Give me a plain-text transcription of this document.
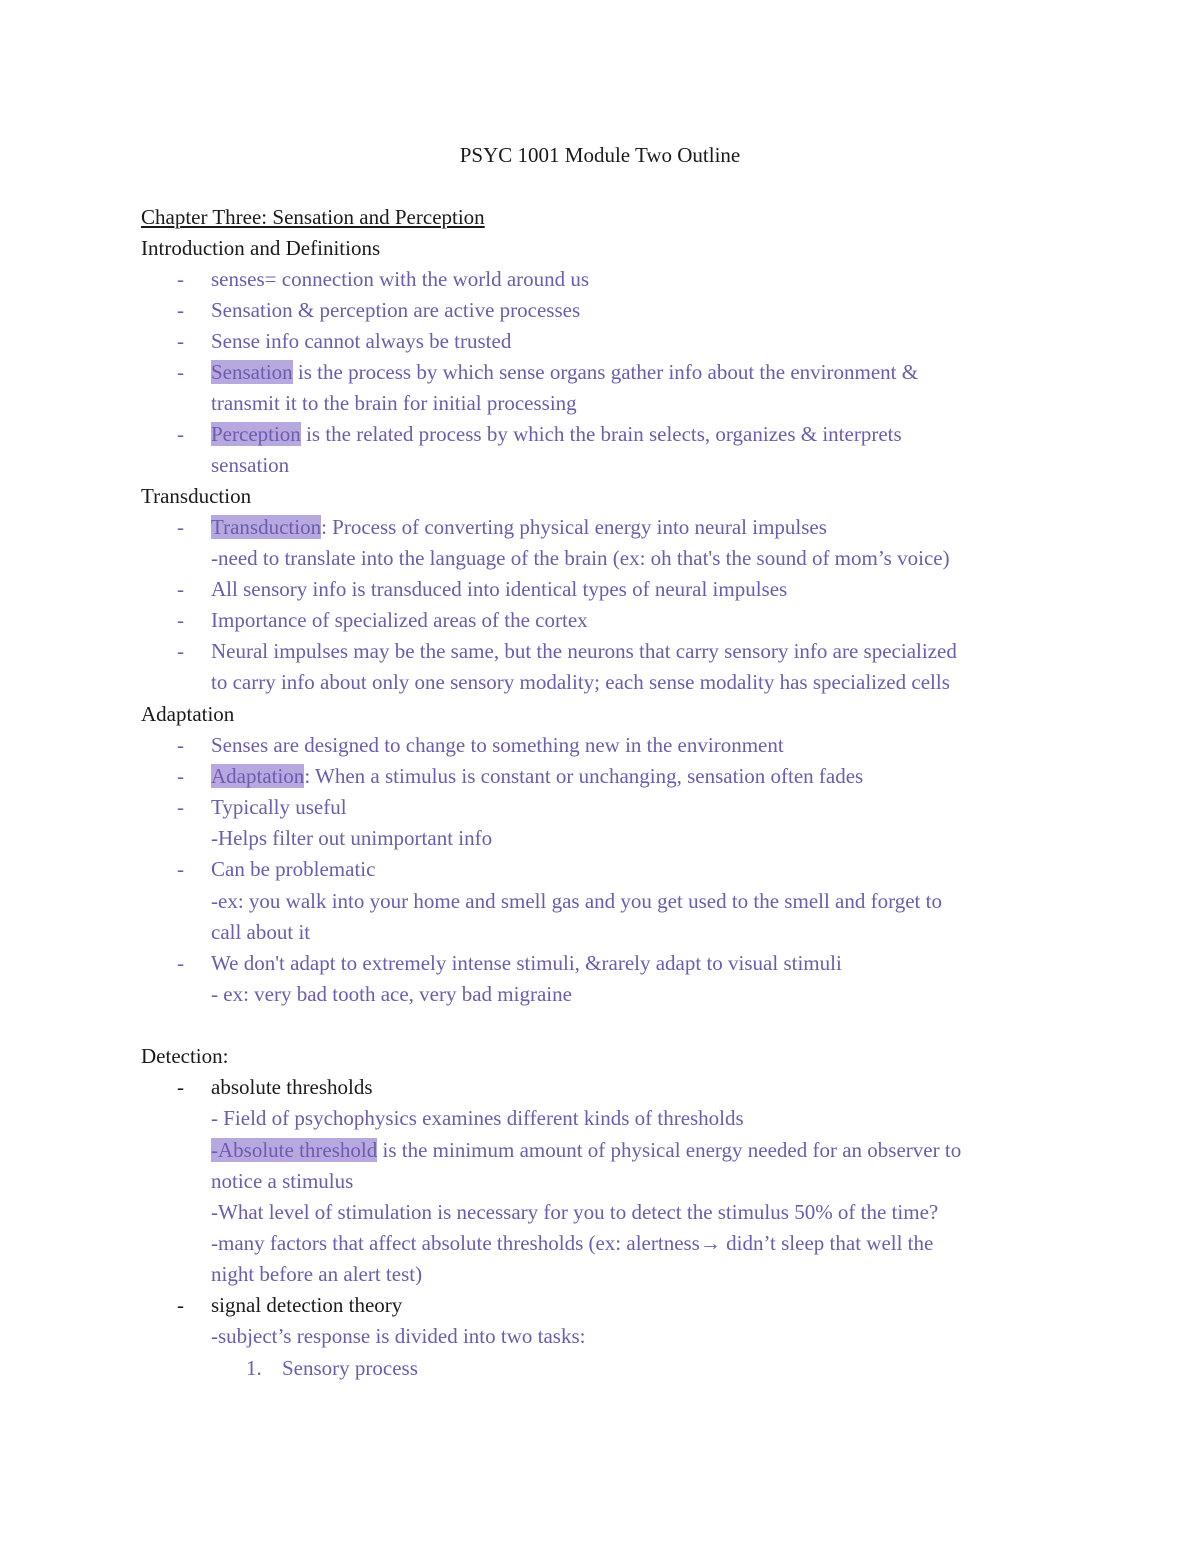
PSYC 1001 Module Two Outline
Chapter Three: Sensation and Perception
Introduction and Definitions
- senses= connection with the world around us
- Sensation & perception are active processes
- Sense info cannot always be trusted
- Sensation is the process by which sense organs gather info about the environment &
transmit it to the brain for initial processing
- Perception is the related process by which the brain selects, organizes & interprets
sensation
Transduction
- Transduction: Process of converting physical energy into neural impulses
-need to translate into the language of the brain (ex: oh that's the sound of mom’s voice)
- All sensory info is transduced into identical types of neural impulses
- Importance of specialized areas of the cortex
- Neural impulses may be the same, but the neurons that carry sensory info are specialized
to carry info about only one sensory modality; each sense modality has specialized cells
Adaptation
- Senses are designed to change to something new in the environment
- Adaptation: When a stimulus is constant or unchanging, sensation often fades
- Typically useful
-Helps filter out unimportant info
- Can be problematic
-ex: you walk into your home and smell gas and you get used to the smell and forget to
call about it
- We don't adapt to extremely intense stimuli, &rarely adapt to visual stimuli
- ex: very bad tooth ace, very bad migraine
Detection:
- absolute thresholds
- Field of psychophysics examines different kinds of thresholds
-Absolute threshold is the minimum amount of physical energy needed for an observer to
notice a stimulus
-What level of stimulation is necessary for you to detect the stimulus 50% of the time?
-many factors that affect absolute thresholds (ex: alertness→ didn’t sleep that well the
night before an alert test)
- signal detection theory
-subject’s response is divided into two tasks:
1. Sensory process
